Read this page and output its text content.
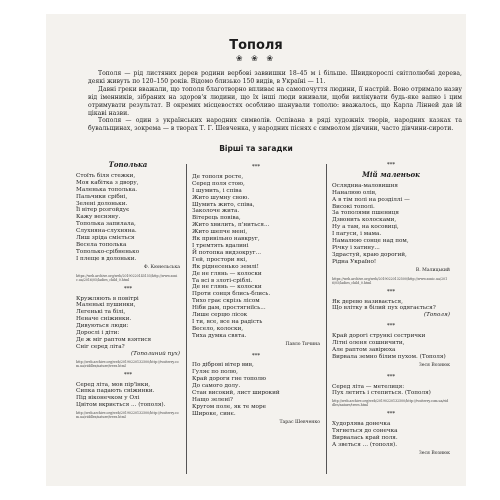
Тополя
❀ ❀ ❀

Тополя — рід листяних дерев родини вербові заввишки 18–45 м і більше. Швидкорослі світлолюбні дерева, деякі живуть по 120–150 років. Відомо близько 150 видів, в Україні — 11.

Давні греки вважали, що тополя благотворно впливає на самопочуття людини, її настрій. Воно отримало назву від іменників, зібраних на здоров'я людини, що їх інші люди вживали, щоби вилікувати будь-яке вапно і цим отримувати результат. В окремих місцевостях особливо шанували тополю: вважалось, що Карла Лінней дав ій цікаві назви.

Тополя — один з українських народних символів. Оспівана в ряді художніх творів, народних казках та бувальщинах, зокрема — в творах Т. Г. Шевченка, у народних піснях є символом дівчини, часто дівчини-сироти.

Вірші та загадки
Тополька
Стоїть біля стежки,
Моя кабітка з двору,
Маленька тополька.
Пальчики срібні,
Зелені долоньки.
Її вітер розгойдує
Кажу весняну.
Тополька запилала,
Слухняна-слухняна.
Лиш зріда сміється
Весела тополька
Тополько-срібненько
І плеще в долоньки.
Ф. Кюнельська
https://web.archive.org/web/20190220145155/http://www.sonic.ua/2016/05/ladies_child_0.html
***
Кружляють в повітрі
Маленькі пушинки,
Легенькі та білі,
Неначе сніжинки.
Дивуються люди:
Дорослі і діти:
Де ж міг раптом взятися
Сніг серед літа?
(Тополиний пух)
http://web.archive.org/web/20190220132500/http://tvoiterry.com.ua/riddles/nature/trees.html
***
Серед літа, мов пір'їнки,
Сипка падають сніжинки.
Під віконечком у Олі
Цвітом вкриється ... (тополя).
http://web.archive.org/web/20190220132500/http://tvoiterry.com.ua/riddles/nature/trees.html
***
Де тополя росте,
Серед поля стою,
І шумить, і співа
Жито шумну свою.
Шумить жито, співа,
Заколоче жита.
Вітерець повіва,
Жито хвилить, п'ниться...
Жито шепче мені,
Як привільно навкруг,
І тремтять вдалині
Й потопка видзокруг...
Гей, простори які,
Як ріднесенько землі!
Де не глянь — колоски
Та всі в злоті-сріблі.
Де не глянь — колоски
Проти сонця блись-блись.
Тихо грає скрізь лісом
Ніби дам, простягніїсь...
Лише серцю лісок
І ти, все, все на радість
Весело, колоски,
Тиха думка свята.
Павло Тичина
***
По діброві вітер вив,
Гуляє по полю,
Край дороги гне тополю
До самого долу.
Стан високий, лист широкий
Нащо зелені?
Кругом поле, як те море
Широке, синє.
Тарас Шевченко
***
Мій маленьок
Ослядниа-маловишня
Наналюю олів,
А в тім полі на розділлі —
Високі тополі.
За тополями пшениця
Дзвонить колосками,
Ну а там, на косовиці,
І пагуси, і мама.
Намалюю сонце над пом,
Річку і хатину...
Здрастуй, краю дорогий,
Рідна Україно!
В. Малицький
https://web.archive.org/web/20190220132500/http://www.sonic.ua/2016/05/ladies_child_0.html
***
Як дерево називається,
Що влітку в білий пух одягається?
(Тополя)
***
Край дорогі стрункі сестрички
Літні оленя сошничити,
Але раптом завірюха
Вирвала земно білим пухом. (Тополя)
Зеся Вознюк
***
Серед літа — метелиця:
Пух летить і степиться. (Тополя)
http://web.archive.org/web/20190220132500/http://tvoiterry.com.ua/riddles/nature/trees.html
***
Худорлява донечка
Тягнеться до сонечка
Вирвалась край поля.
А зветься ... (тополя).
Зеся Вознюк
